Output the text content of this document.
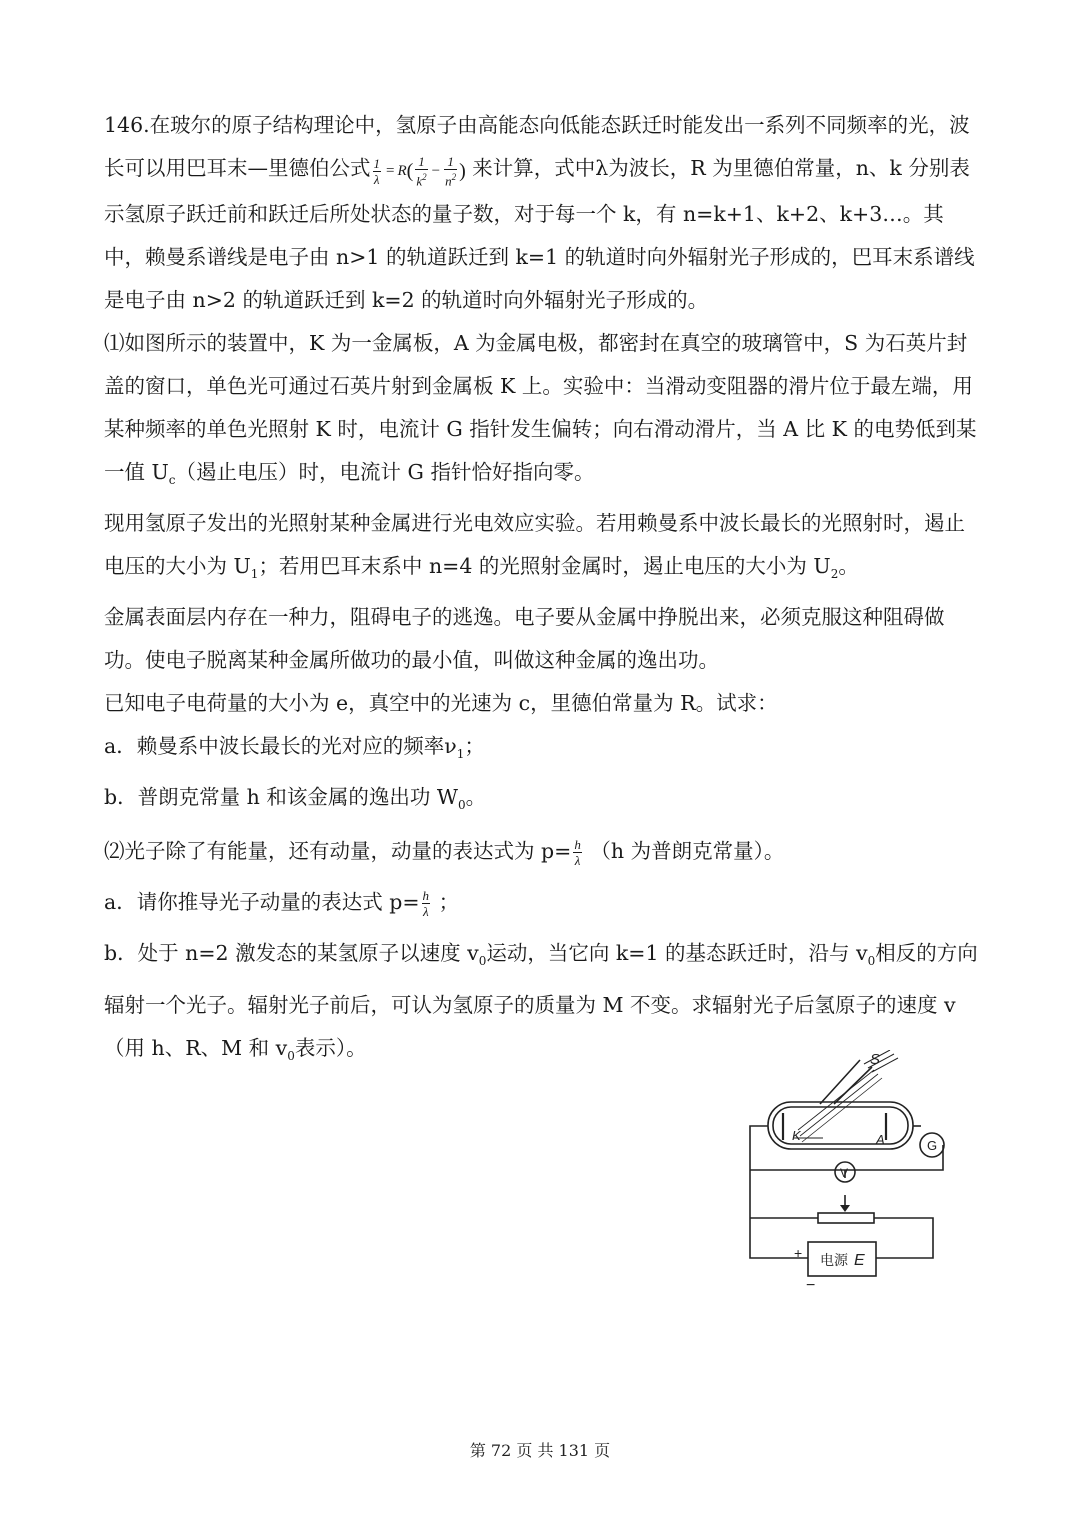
146.在玻尔的原子结构理论中，氢原子由高能态向低能态跃迁时能发出一系列不同频率的光，波长可以用巴耳末—里德伯公式 $\frac{1}{\lambda} = R( \frac{1}{k^2} - \frac{1}{n^2}$ ) 来计算，式中λ为波长，R 为里德伯常量，n、k 分别表示氢原子跃迁前和跃迁后所处状态的量子数，对于每一个 k，有 n=k+1、k+2、k+3…。其中，赖曼系谱线是电子由 n>1 的轨道跃迁到 k=1 的轨道时向外辐射光子形成的，巴耳末系谱线是电子由 n>2 的轨道跃迁到 k=2 的轨道时向外辐射光子形成的。

⑴如图所示的装置中，K 为一金属板，A 为金属电极，都密封在真空的玻璃管中，S 为石英片封盖的窗口，单色光可通过石英片射到金属板 K 上。实验中：当滑动变阻器的滑片位于最左端，用某种频率的单色光照射 K 时，电流计 G 指针发生偏转；向右滑动滑片，当 A 比 K 的电势低到某一值 $U_c$（遏止电压）时，电流计 G 指针恰好指向零。

现用氢原子发出的光照射某种金属进行光电效应实验。若用赖曼系中波长最长的光照射时，遏止电压的大小为 $U_1$；若用巴耳末系中 n=4 的光照射金属时，遏止电压的大小为 $U_2$。

金属表面层内存在一种力，阻碍电子的逃逸。电子要从金属中挣脱出来，必须克服这种阻碍做功。使电子脱离某种金属所做功的最小值，叫做这种金属的逸出功。

已知电子电荷量的大小为 e，真空中的光速为 c，里德伯常量为 R。试求：

a．赖曼系中波长最长的光对应的频率$\nu_1$；

b．普朗克常量 h 和该金属的逸出功 $W_0$。

⑵光子除了有能量，还有动量，动量的表达式为 $p= \frac{h}{\lambda} (h$ 为普朗克常量）。

a．请你推导光子动量的表达式 $p= \frac{h}{\lambda}$ ；

b．处于 n=2 激发态的某氢原子以速度 $v_0$运动，当它向 k=1 的基态跃迁时，沿与 $v_0$相反的方向辐射一个光子。辐射光子前后，可认为氢原子的质量为 M 不变。求辐射光子后氢原子的速度 v（用 h、R、M 和 $v_0$表示）。	S
K	A	G
V
+
−
电源 E
第 72 页 共 131 页
